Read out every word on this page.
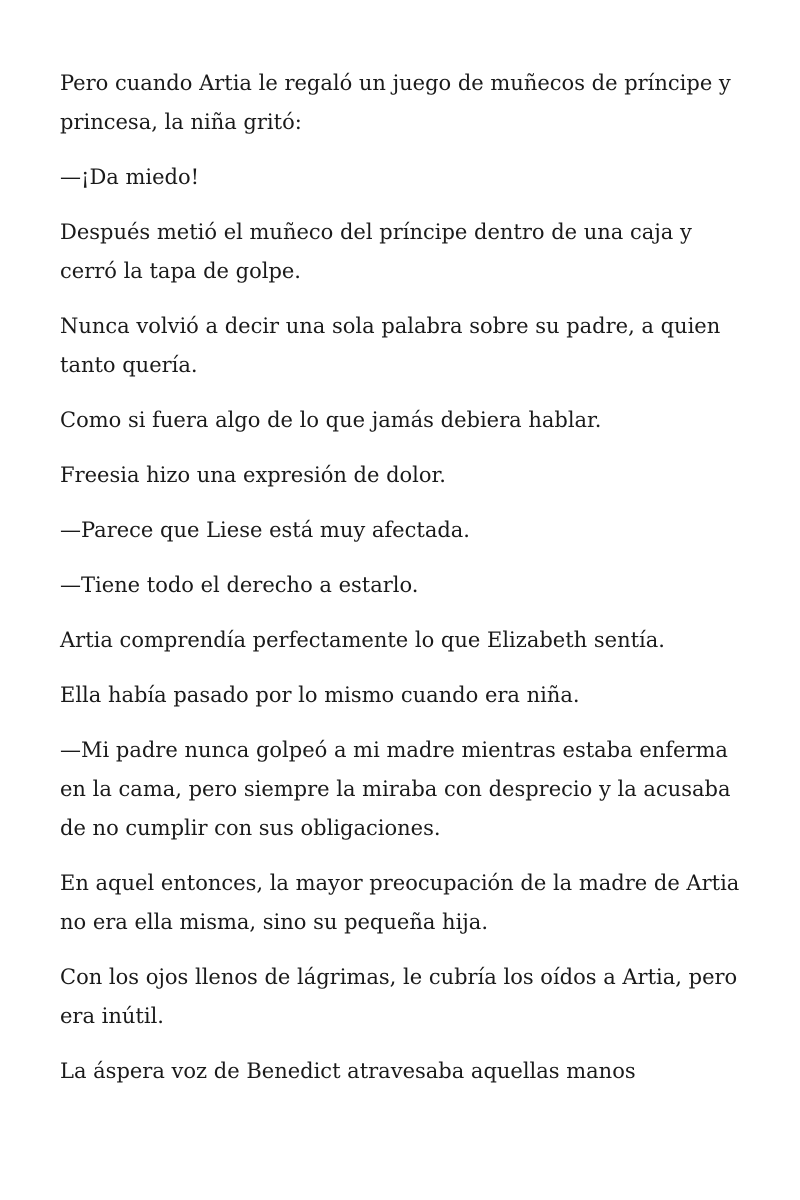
Pero cuando Artia le regaló un juego de muñecos de príncipe y princesa, la niña gritó:

—¡Da miedo!

Después metió el muñeco del príncipe dentro de una caja y cerró la tapa de golpe.

Nunca volvió a decir una sola palabra sobre su padre, a quien tanto quería.

Como si fuera algo de lo que jamás debiera hablar.

Freesia hizo una expresión de dolor.

—Parece que Liese está muy afectada.

—Tiene todo el derecho a estarlo.

Artia comprendía perfectamente lo que Elizabeth sentía.

Ella había pasado por lo mismo cuando era niña.

—Mi padre nunca golpeó a mi madre mientras estaba enferma en la cama, pero siempre la miraba con desprecio y la acusaba de no cumplir con sus obligaciones.

En aquel entonces, la mayor preocupación de la madre de Artia no era ella misma, sino su pequeña hija.

Con los ojos llenos de lágrimas, le cubría los oídos a Artia, pero era inútil.

La áspera voz de Benedict atravesaba aquellas manos
